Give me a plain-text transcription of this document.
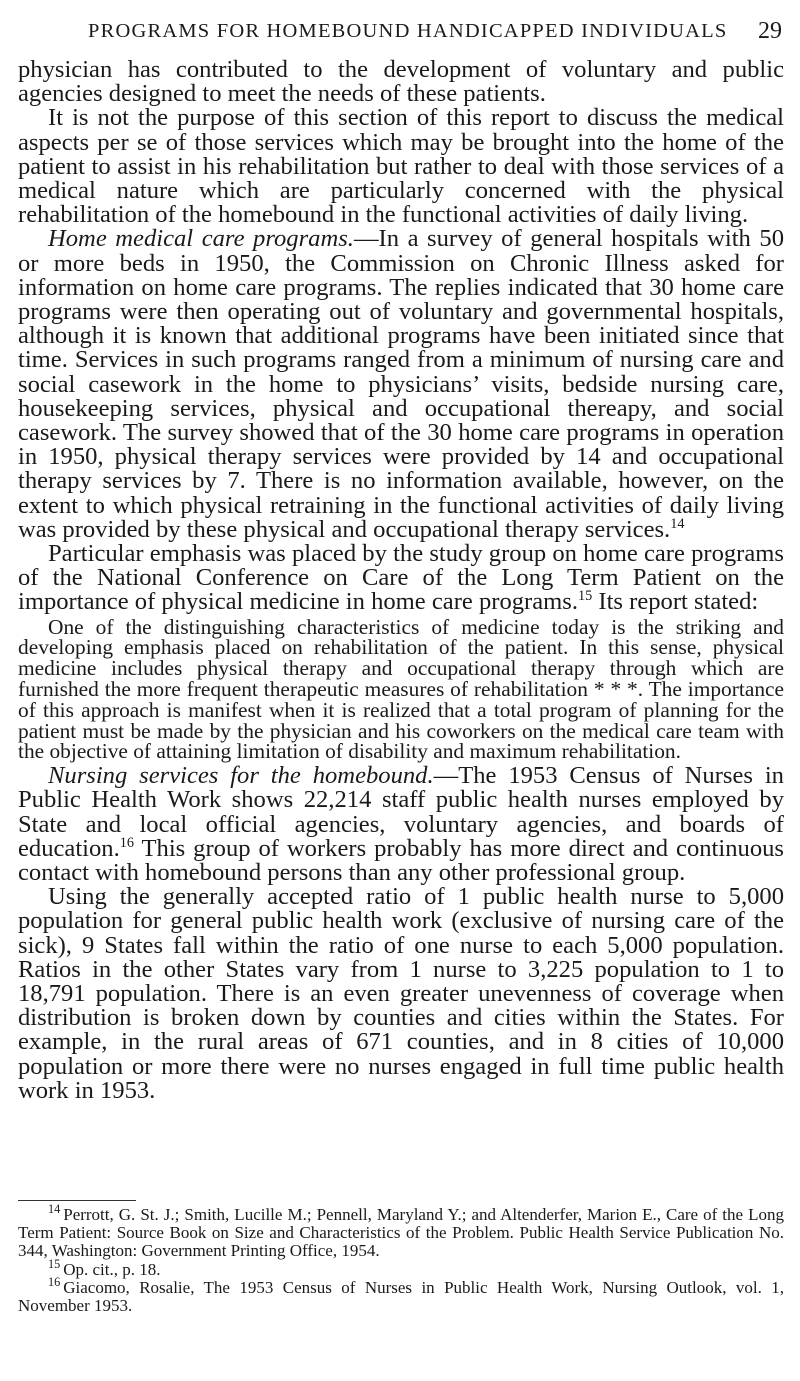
PROGRAMS FOR HOMEBOUND HANDICAPPED INDIVIDUALS 29

physician has contributed to the development of voluntary and public agencies designed to meet the needs of these patients.

It is not the purpose of this section of this report to discuss the medical aspects per se of those services which may be brought into the home of the patient to assist in his rehabilitation but rather to deal with those services of a medical nature which are particularly concerned with the physical rehabilitation of the homebound in the functional activities of daily living.

Home medical care programs.—In a survey of general hospitals with 50 or more beds in 1950, the Commission on Chronic Illness asked for information on home care programs. The replies indicated that 30 home care programs were then operating out of voluntary and governmental hospitals, although it is known that additional programs have been initiated since that time. Services in such programs ranged from a minimum of nursing care and social casework in the home to physicians’ visits, bedside nursing care, housekeeping services, physical and occupational thereapy, and social casework. The survey showed that of the 30 home care programs in operation in 1950, physical therapy services were provided by 14 and occupational therapy services by 7. There is no information available, however, on the extent to which physical retraining in the functional activities of daily living was provided by these physical and occupational therapy services.$^{14}$

Particular emphasis was placed by the study group on home care programs of the National Conference on Care of the Long Term Patient on the importance of physical medicine in home care programs.$^{15}$ Its report stated:

One of the distinguishing characteristics of medicine today is the striking and developing emphasis placed on rehabilitation of the patient. In this sense, physical medicine includes physical therapy and occupational therapy through which are furnished the more frequent therapeutic measures of rehabilitation * * *. The importance of this approach is manifest when it is realized that a total program of planning for the patient must be made by the physician and his coworkers on the medical care team with the objective of attaining limitation of disability and maximum rehabilitation.

Nursing services for the homebound.—The 1953 Census of Nurses in Public Health Work shows 22,214 staff public health nurses employed by State and local official agencies, voluntary agencies, and boards of education.$^{16}$ This group of workers probably has more direct and continuous contact with homebound persons than any other professional group.

Using the generally accepted ratio of 1 public health nurse to 5,000 population for general public health work (exclusive of nursing care of the sick), 9 States fall within the ratio of one nurse to each 5,000 population. Ratios in the other States vary from 1 nurse to 3,225 population to 1 to 18,791 population. There is an even greater unevenness of coverage when distribution is broken down by counties and cities within the States. For example, in the rural areas of 671 counties, and in 8 cities of 10,000 population or more there were no nurses engaged in full time public health work in 1953.

$^{14}$ Perrott, G. St. J.; Smith, Lucille M.; Pennell, Maryland Y.; and Altenderfer, Marion E., Care of the Long Term Patient: Source Book on Size and Characteristics of the Problem. Public Health Service Publication No. 344, Washington: Government Printing Office, 1954.

$^{15}$ Op. cit., p. 18.

$^{16}$ Giacomo, Rosalie, The 1953 Census of Nurses in Public Health Work, Nursing Outlook, vol. 1, November 1953.
